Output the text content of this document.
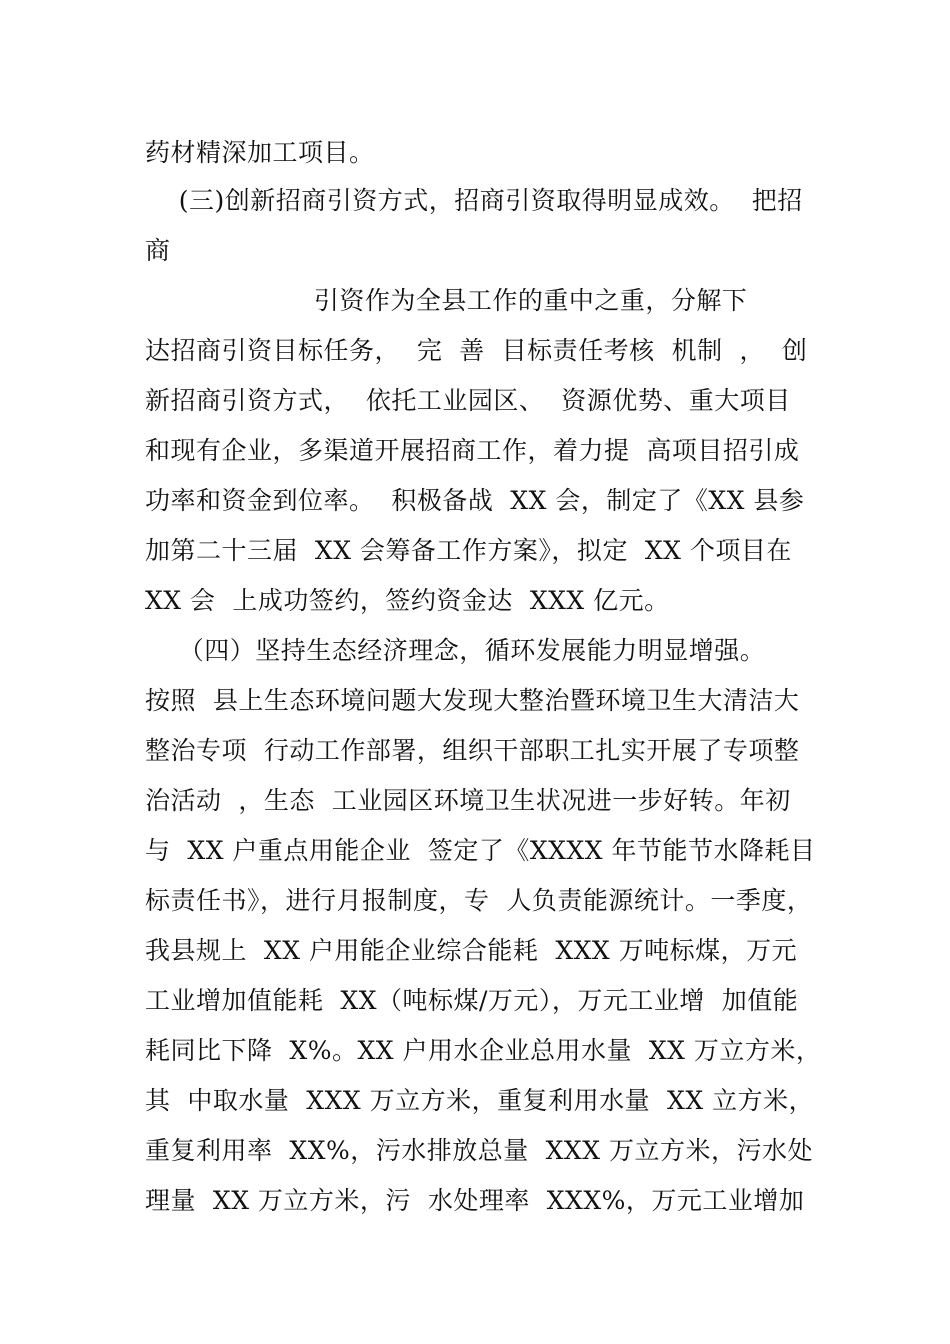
药材精深加工项目。
(三)创新招商引资方式，招商引资取得明显成效。  把招
商
引资作为全县工作的重中之重，分解下
达招商引资目标任务，  完  善  目标责任考核  机制  ，  创
新招商引资方式，  依托工业园区、  资源优势、重大项目
和现有企业，多渠道开展招商工作，着力提  高项目招引成
功率和资金到位率。  积极备战  XX 会，制定了《XX 县参
加第二十三届  XX 会筹备工作方案》，拟定  XX 个项目在
XX 会  上成功签约，签约资金达  XXX 亿元。
（四）坚持生态经济理念，循环发展能力明显增强。
按照  县上生态环境问题大发现大整治暨环境卫生大清洁大
整治专项  行动工作部署，组织干部职工扎实开展了专项整
治活动  ，生态  工业园区环境卫生状况进一步好转。年初
与  XX 户重点用能企业  签定了《XXXX 年节能节水降耗目
标责任书》，进行月报制度，专  人负责能源统计。一季度，
我县规上  XX 户用能企业综合能耗  XXX 万吨标煤，万元
工业增加值能耗  XX（吨标煤/万元），万元工业增  加值能
耗同比下降  X%。XX 户用水企业总用水量  XX 万立方米，
其  中取水量  XXX 万立方米，重复利用水量  XX 立方米，
重复利用率  XX%，污水排放总量  XXX 万立方米，污水处
理量  XX 万立方米，污  水处理率  XXX%，万元工业增加
